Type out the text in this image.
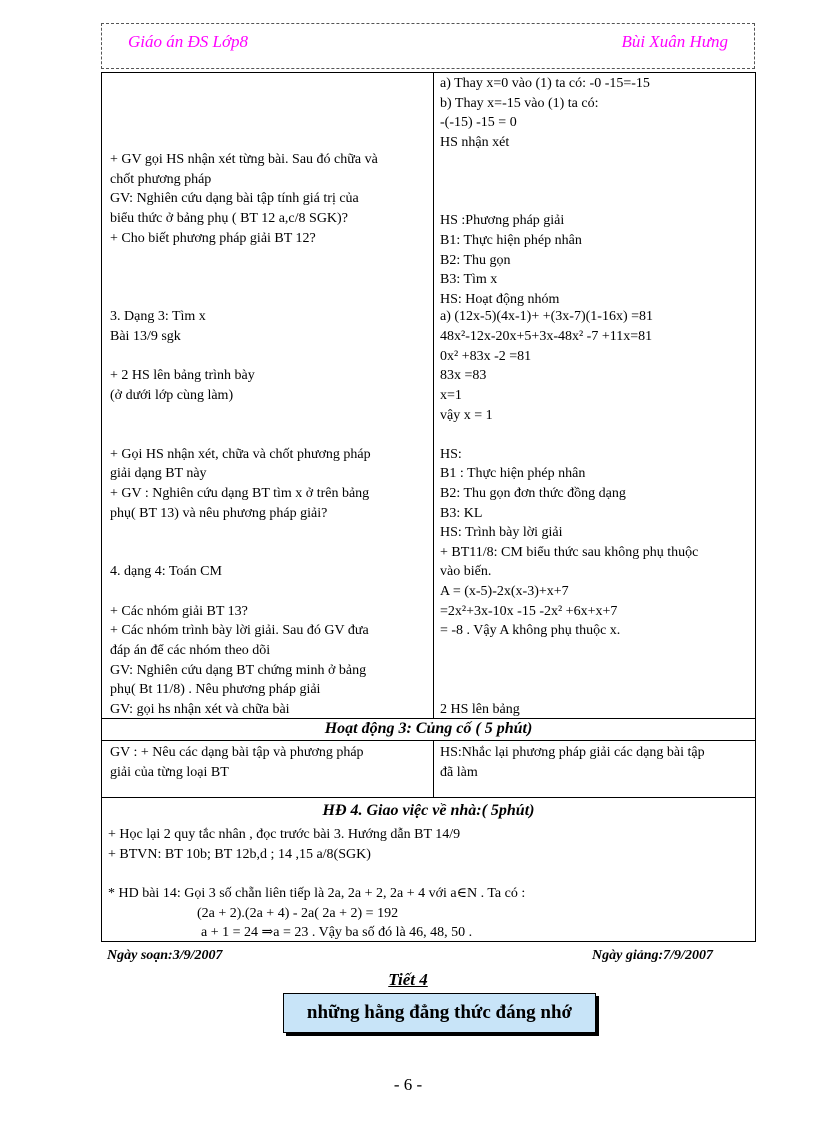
Giáo án ĐS Lớp8	Bùi Xuân Hưng
+ GV gọi HS nhận xét từng bài. Sau đó chữa và
chốt phương pháp
GV: Nghiên cứu dạng bài tập tính giá trị của
biểu thức ở bảng phụ ( BT 12 a,c/8 SGK)?
+ Cho biết phương pháp giải BT 12?
3. Dạng 3: Tìm x
Bài 13/9 sgk
+ 2 HS lên bảng trình bày
(ở dưới lớp cùng làm)
+ Gọi HS nhận xét, chữa và chốt phương pháp
giải dạng BT này
+ GV : Nghiên cứu dạng BT tìm x ở trên bảng
phụ( BT 13) và nêu phương pháp giải?
4. dạng 4: Toán CM
+ Các nhóm giải BT 13?
+ Các nhóm trình bày lời giải. Sau đó GV đưa
đáp án để các nhóm theo dõi
GV: Nghiên cứu dạng BT chứng minh ở bảng
phụ( Bt 11/8) . Nêu phương pháp giải
GV: gọi hs nhận xét và chữa bài
a) Thay x=0 vào (1) ta có: -0 -15=-15
b) Thay x=-15 vào (1) ta có:
-(-15) -15 = 0
HS nhận xét
HS :Phương pháp giải
B1: Thực hiện phép nhân
B2: Thu gọn
B3: Tìm x
HS: Hoạt động nhóm
a) (12x-5)(4x-1)+ +(3x-7)(1-16x) =81
48x²-12x-20x+5+3x-48x² -7 +11x=81
0x² +83x -2 =81
83x =83
x=1
vậy x = 1
HS:
B1 : Thực hiện phép nhân
B2: Thu gọn đơn thức đồng dạng
B3: KL
HS: Trình bày lời giải
+ BT11/8: CM biểu thức sau không phụ thuộc
vào biến.
A = (x-5)-2x(x-3)+x+7
=2x²+3x-10x -15 -2x² +6x+x+7
= -8 . Vậy A không phụ thuộc x.
2 HS lên bảng
Hoạt động 3: Củng cố ( 5 phút)
GV : + Nêu các dạng bài tập và phương pháp
giải của từng loại BT
HS:Nhắc lại phương pháp giải các dạng bài tập
đã làm
HĐ 4. Giao việc về nhà:( 5phút)
+ Học lại 2 quy tắc nhân , đọc trước bài 3. Hướng dẫn BT 14/9
+ BTVN: BT 10b; BT 12b,d ; 14 ,15 a/8(SGK)
* HD bài 14: Gọi 3 số chẵn liên tiếp là 2a, 2a + 2, 2a + 4 với a∈N . Ta có :
(2a + 2).(2a + 4) - 2a( 2a + 2) = 192
a + 1 = 24 ⇒a = 23 . Vậy ba số đó là 46, 48, 50 .
Ngày soạn:3/9/2007	Ngày giảng:7/9/2007
Tiết 4
những hằng đẳng thức đáng nhớ
- 6 -
